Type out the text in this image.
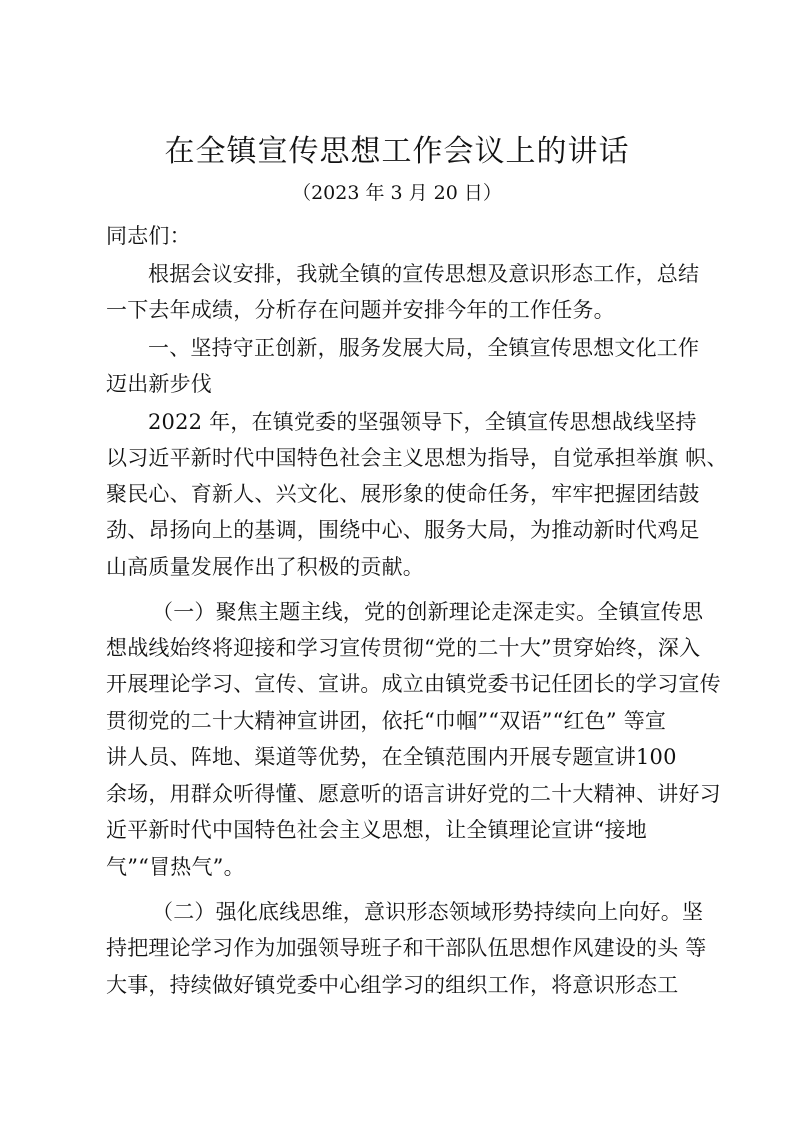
在全镇宣传思想工作会议上的讲话
（2023 年 3 月 20 日）
同志们：
根据会议安排，我就全镇的宣传思想及意识形态工作，总结
一下去年成绩，分析存在问题并安排今年的工作任务。
一、坚持守正创新，服务发展大局，全镇宣传思想文化工作
迈出新步伐
2022 年，在镇党委的坚强领导下，全镇宣传思想战线坚持
以习近平新时代中国特色社会主义思想为指导，自觉承担举旗 帜、
聚民心、育新人、兴文化、展形象的使命任务，牢牢把握团结鼓
劲、昂扬向上的基调，围绕中心、服务大局，为推动新时代鸡足
山高质量发展作出了积极的贡献。
（一）聚焦主题主线，党的创新理论走深走实。全镇宣传思
想战线始终将迎接和学习宣传贯彻“党的二十大”贯穿始终，深入
开展理论学习、宣传、宣讲。成立由镇党委书记任团长的学习宣传
贯彻党的二十大精神宣讲团，依托“巾帼”“双语”“红色” 等宣
讲人员、阵地、渠道等优势，在全镇范围内开展专题宣讲100
余场，用群众听得懂、愿意听的语言讲好党的二十大精神、讲好习
近平新时代中国特色社会主义思想，让全镇理论宣讲“接地
气”“冒热气”。
（二）强化底线思维，意识形态领域形势持续向上向好。坚
持把理论学习作为加强领导班子和干部队伍思想作风建设的头 等
大事，持续做好镇党委中心组学习的组织工作，将意识形态工
